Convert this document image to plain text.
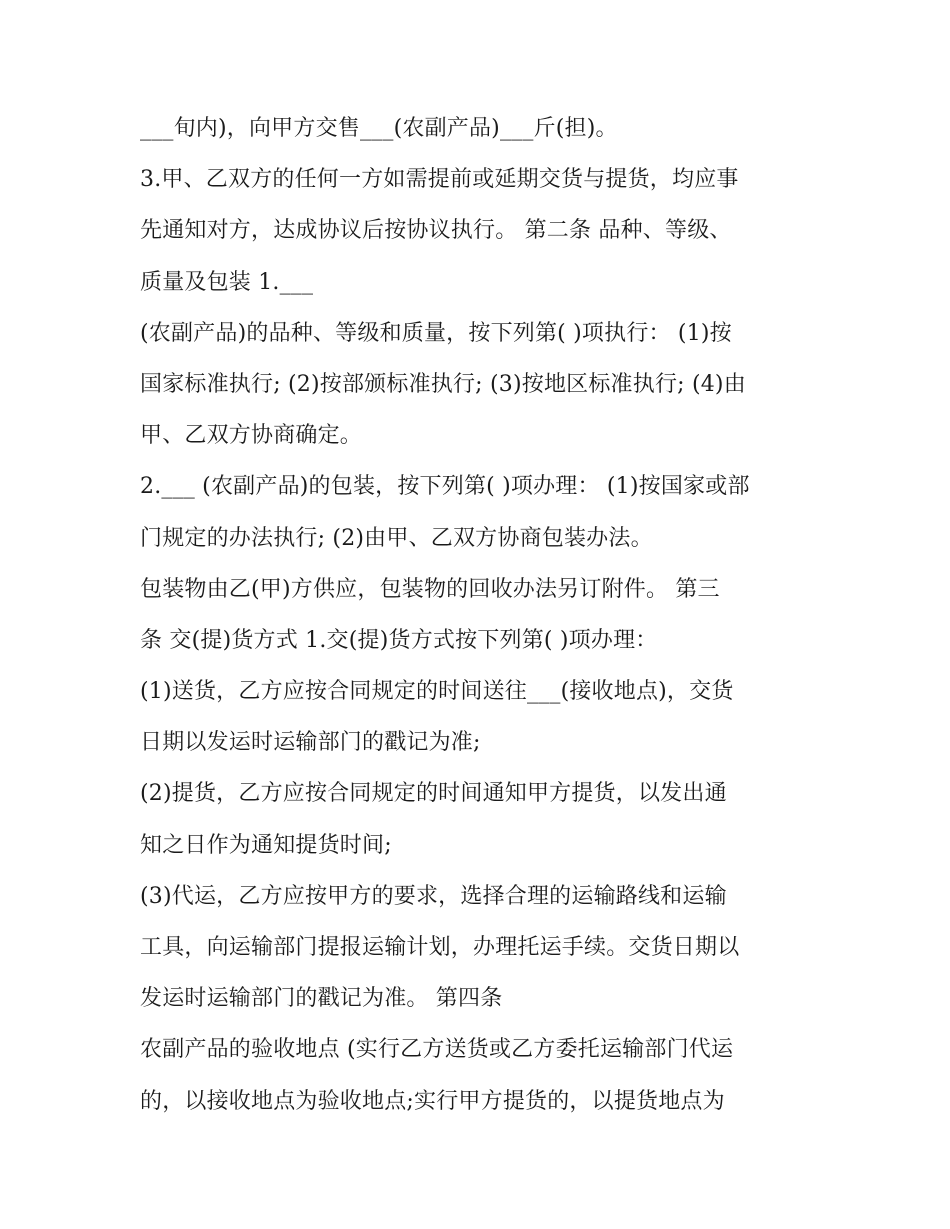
___旬内)，向甲方交售___(农副产品)___斤(担)。
3.甲、乙双方的任何一方如需提前或延期交货与提货，均应事
先通知对方，达成协议后按协议执行。 第二条 品种、等级、
质量及包装 1.___
(农副产品)的品种、等级和质量，按下列第( )项执行： (1)按
国家标准执行; (2)按部颁标准执行; (3)按地区标准执行; (4)由
甲、乙双方协商确定。
2.___ (农副产品)的包装，按下列第( )项办理： (1)按国家或部
门规定的办法执行; (2)由甲、乙双方协商包装办法。
包装物由乙(甲)方供应，包装物的回收办法另订附件。 第三
条 交(提)货方式 1.交(提)货方式按下列第( )项办理：
(1)送货，乙方应按合同规定的时间送往___(接收地点)，交货
日期以发运时运输部门的戳记为准;
(2)提货，乙方应按合同规定的时间通知甲方提货，以发出通
知之日作为通知提货时间;
(3)代运，乙方应按甲方的要求，选择合理的运输路线和运输
工具，向运输部门提报运输计划，办理托运手续。交货日期以
发运时运输部门的戳记为准。 第四条
农副产品的验收地点 (实行乙方送货或乙方委托运输部门代运
的，以接收地点为验收地点;实行甲方提货的，以提货地点为
